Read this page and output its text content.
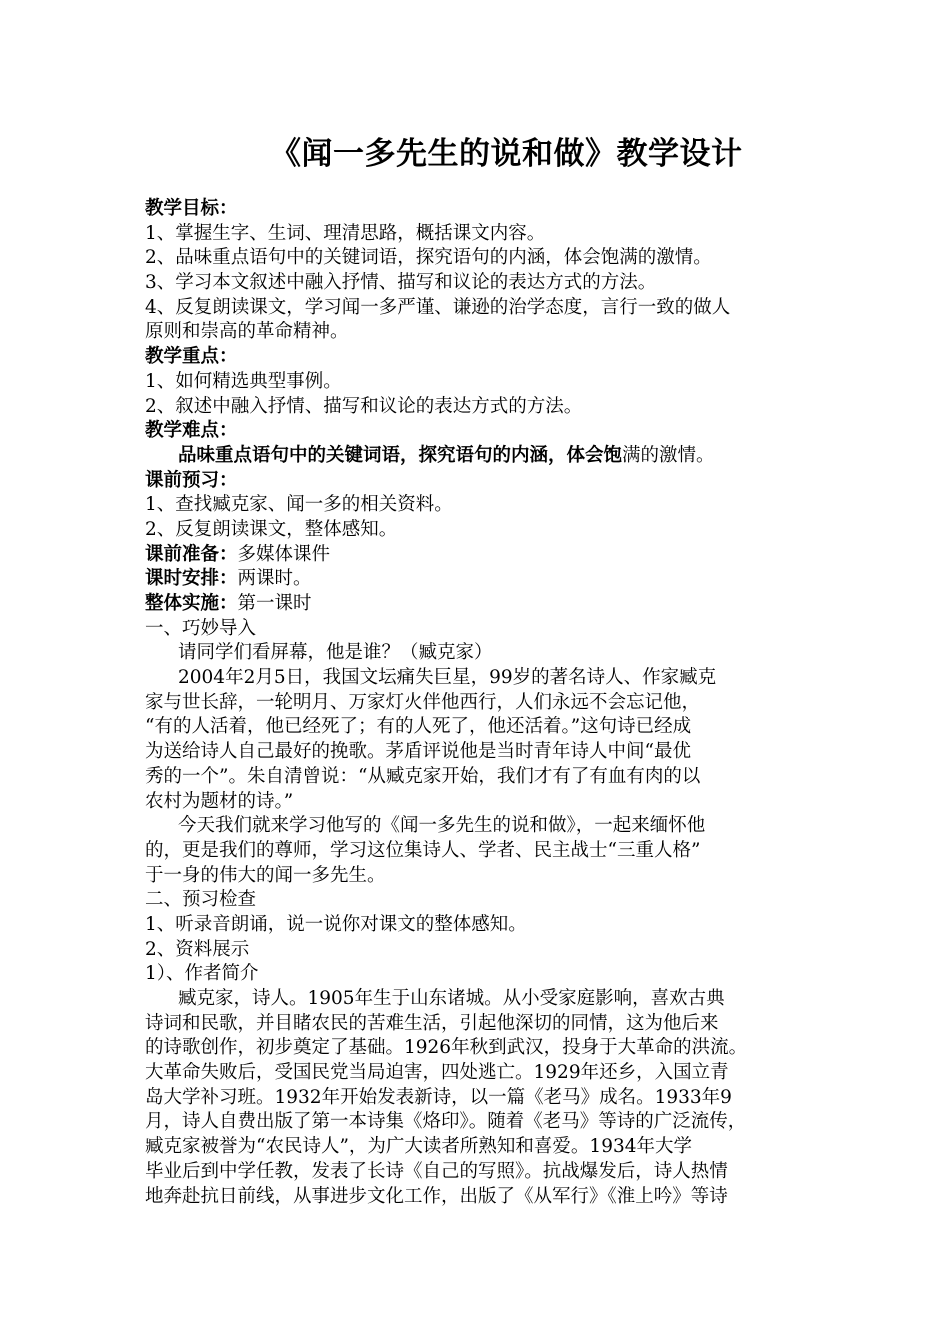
《闻一多先生的说和做》教学设计
教学目标：
1、掌握生字、生词、理清思路，概括课文内容。
2、品味重点语句中的关键词语，探究语句的内涵，体会饱满的激情。
3、学习本文叙述中融入抒情、描写和议论的表达方式的方法。
4、反复朗读课文，学习闻一多严谨、谦逊的治学态度，言行一致的做人
原则和崇高的革命精神。
教学重点：
1、如何精选典型事例。
2、叙述中融入抒情、描写和议论的表达方式的方法。
教学难点：
品味重点语句中的关键词语，探究语句的内涵，体会饱满的激情。
课前预习：
1、查找臧克家、闻一多的相关资料。
2、反复朗读课文，整体感知。
课前准备：多媒体课件
课时安排：两课时。
整体实施：第一课时
一、巧妙导入
请同学们看屏幕，他是谁？（臧克家）
2004年2月5日，我国文坛痛失巨星，99岁的著名诗人、作家臧克
家与世长辞，一轮明月、万家灯火伴他西行，人们永远不会忘记他，
“有的人活着，他已经死了；有的人死了，他还活着。”这句诗已经成
为送给诗人自己最好的挽歌。茅盾评说他是当时青年诗人中间“最优
秀的一个”。朱自清曾说：“从臧克家开始，我们才有了有血有肉的以
农村为题材的诗。”
今天我们就来学习他写的《闻一多先生的说和做》，一起来缅怀他
的，更是我们的尊师，学习这位集诗人、学者、民主战士“三重人格”
于一身的伟大的闻一多先生。
二、预习检查
1、听录音朗诵，说一说你对课文的整体感知。
2、资料展示
1）、作者简介
臧克家，诗人。1905年生于山东诸城。从小受家庭影响，喜欢古典
诗词和民歌，并目睹农民的苦难生活，引起他深切的同情，这为他后来
的诗歌创作，初步奠定了基础。1926年秋到武汉，投身于大革命的洪流。
大革命失败后，受国民党当局迫害，四处逃亡。1929年还乡，入国立青
岛大学补习班。1932年开始发表新诗，以一篇《老马》成名。1933年9
月，诗人自费出版了第一本诗集《烙印》。随着《老马》等诗的广泛流传，
臧克家被誉为“农民诗人”，为广大读者所熟知和喜爱。1934年大学
毕业后到中学任教，发表了长诗《自己的写照》。抗战爆发后，诗人热情
地奔赴抗日前线，从事进步文化工作，出版了《从军行》《淮上吟》等诗
